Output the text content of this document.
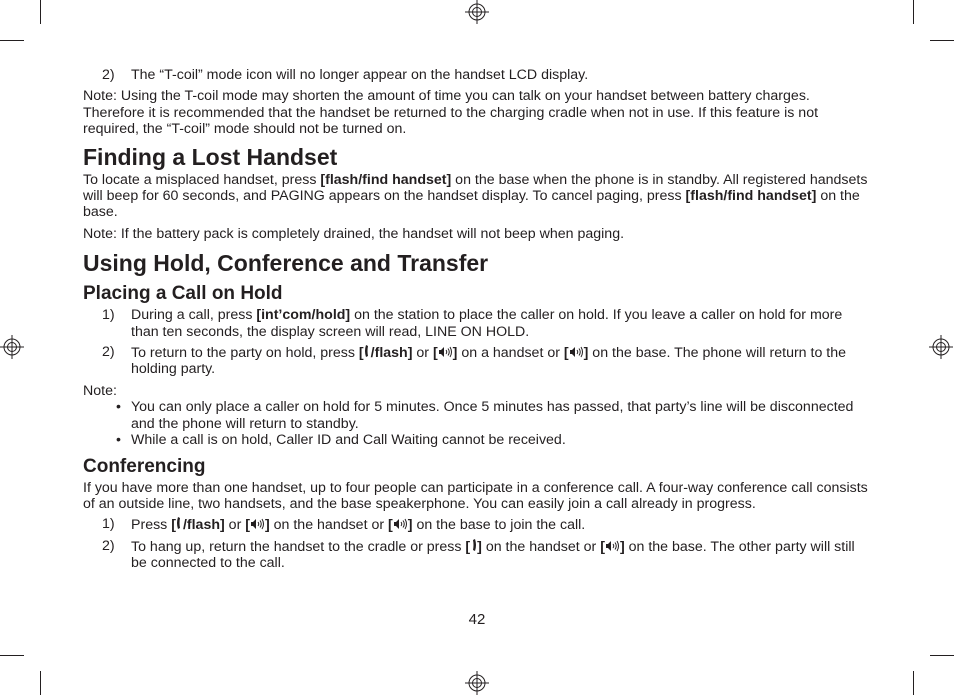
2) The “T-coil” mode icon will no longer appear on the handset LCD display.

Note: Using the T-coil mode may shorten the amount of time you can talk on your handset between battery charges. Therefore it is recommended that the handset be returned to the charging cradle when not in use. If this feature is not required, the “T-coil” mode should not be turned on.

Finding a Lost Handset

To locate a misplaced handset, press [flash/find handset] on the base when the phone is in standby. All registered handsets will beep for 60 seconds, and PAGING appears on the handset display. To cancel paging, press [flash/find handset] on the base.

Note: If the battery pack is completely drained, the handset will not beep when paging.

Using Hold, Conference and Transfer
Placing a Call on Hold

1) During a call, press [int’com/hold] on the station to place the caller on hold. If you leave a caller on hold for more than ten seconds, the display screen will read, LINE ON HOLD.

2) To return to the party on hold, press [ /flash] or [ ] on a handset or [ ] on the base. The phone will return to the holding party.

Note:

• You can only place a caller on hold for 5 minutes. Once 5 minutes has passed, that party’s line will be disconnected and the phone will return to standby.

• While a call is on hold, Caller ID and Call Waiting cannot be received.

Conferencing

If you have more than one handset, up to four people can participate in a conference call. A four-way conference call consists of an outside line, two handsets, and the base speakerphone. You can easily join a call already in progress.

1) Press [ /flash] or [ ] on the handset or [ ] on the base to join the call.

2) To hang up, return the handset to the cradle or press [ ] on the handset or [ ] on the base. The other party will still be connected to the call.

42
